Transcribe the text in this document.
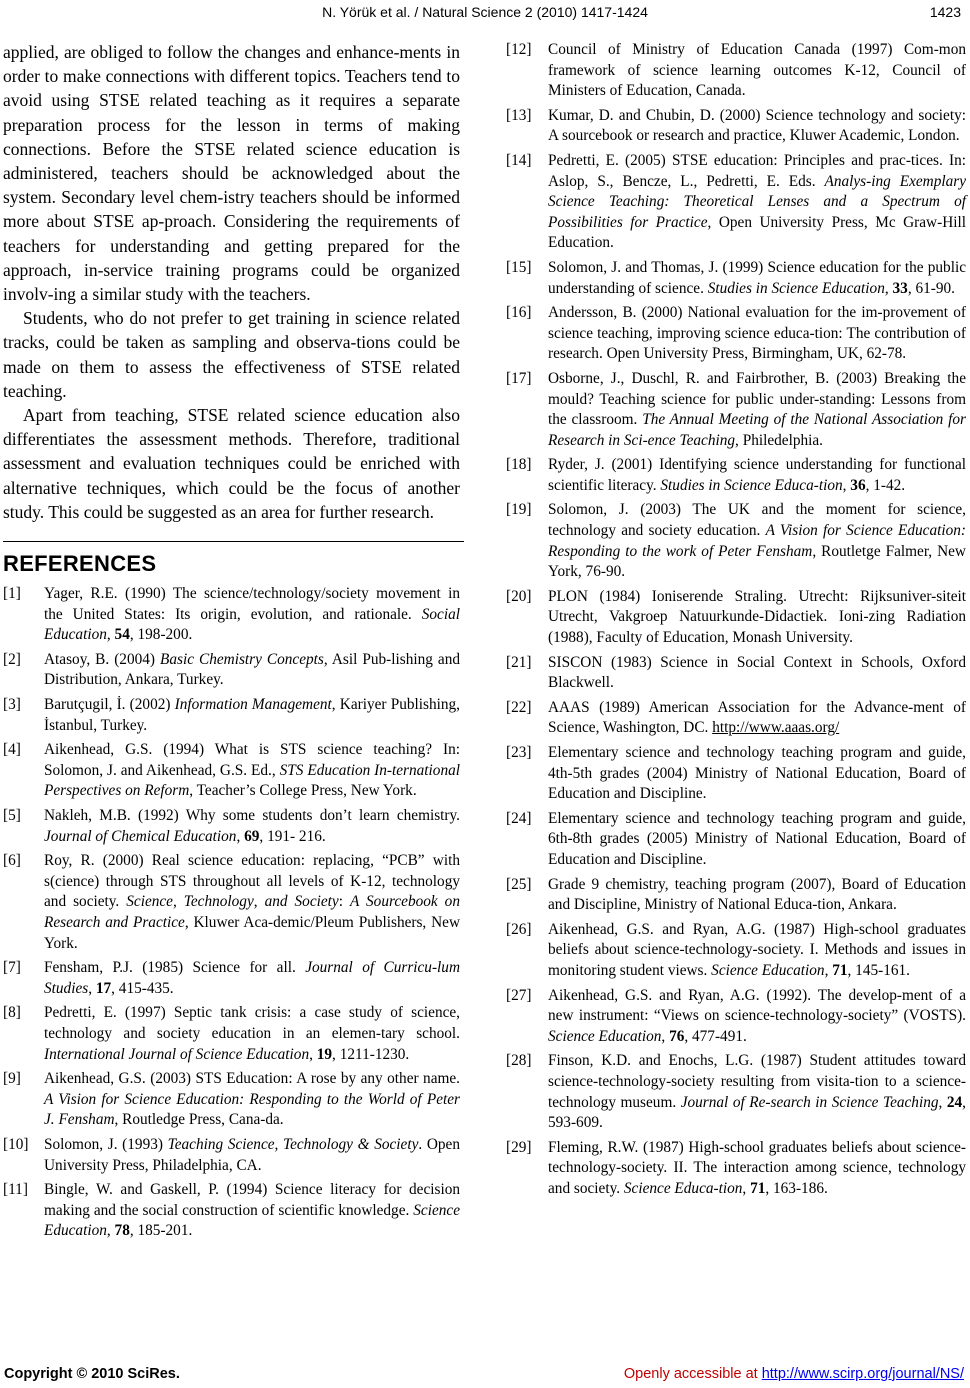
N. Yörük et al. / Natural Science 2 (2010) 1417-1424	1423

applied, are obliged to follow the changes and enhance-ments in order to make connections with different topics. Teachers tend to avoid using STSE related teaching as it requires a separate preparation process for the lesson in terms of making connections. Before the STSE related science education is administered, teachers should be acknowledged about the system. Secondary level chem-istry teachers should be informed more about STSE ap-proach. Considering the requirements of teachers for understanding and getting prepared for the approach, in-service training programs could be organized involv-ing a similar study with the teachers.

Students, who do not prefer to get training in science related tracks, could be taken as sampling and observa-tions could be made on them to assess the effectiveness of STSE related teaching.

Apart from teaching, STSE related science education also differentiates the assessment methods. Therefore, traditional assessment and evaluation techniques could be enriched with alternative techniques, which could be the focus of another study. This could be suggested as an area for further research.

REFERENCES
[1] Yager, R.E. (1990) The science/technology/society movement in the United States: Its origin, evolution, and rationale. Social Education, 54, 198-200.
[2] Atasoy, B. (2004) Basic Chemistry Concepts, Asil Pub-lishing and Distribution, Ankara, Turkey.
[3] Barutçugil, İ. (2002) Information Management, Kariyer Publishing, İstanbul, Turkey.
[4] Aikenhead, G.S. (1994) What is STS science teaching? In: Solomon, J. and Aikenhead, G.S. Ed., STS Education In-ternational Perspectives on Reform, Teacher’s College Press, New York.
[5] Nakleh, M.B. (1992) Why some students don’t learn chemistry. Journal of Chemical Education, 69, 191- 216.
[6] Roy, R. (2000) Real science education: replacing, “PCB” with s(cience) through STS throughout all levels of K-12, technology and society. Science, Technology, and Society: A Sourcebook on Research and Practice, Kluwer Aca-demic/Pleum Publishers, New York.
[7] Fensham, P.J. (1985) Science for all. Journal of Curricu-lum Studies, 17, 415-435.
[8] Pedretti, E. (1997) Septic tank crisis: a case study of science, technology and society education in an elemen-tary school. International Journal of Science Education, 19, 1211-1230.
[9] Aikenhead, G.S. (2003) STS Education: A rose by any other name. A Vision for Science Education: Responding to the World of Peter J. Fensham, Routledge Press, Cana-da.
[10] Solomon, J. (1993) Teaching Science, Technology & Society. Open University Press, Philadelphia, CA.
[11] Bingle, W. and Gaskell, P. (1994) Science literacy for decision making and the social construction of scientific knowledge. Science Education, 78, 185-201.
[12] Council of Ministry of Education Canada (1997) Com-mon framework of science learning outcomes K-12, Council of Ministers of Education, Canada.
[13] Kumar, D. and Chubin, D. (2000) Science technology and society: A sourcebook or research and practice, Kluwer Academic, London.
[14] Pedretti, E. (2005) STSE education: Principles and prac-tices. In: Aslop, S., Bencze, L., Pedretti, E. Eds. Analys-ing Exemplary Science Teaching: Theoretical Lenses and a Spectrum of Possibilities for Practice, Open University Press, Mc Graw-Hill Education.
[15] Solomon, J. and Thomas, J. (1999) Science education for the public understanding of science. Studies in Science Education, 33, 61-90.
[16] Andersson, B. (2000) National evaluation for the im-provement of science teaching, improving science educa-tion: The contribution of research. Open University Press, Birmingham, UK, 62-78.
[17] Osborne, J., Duschl, R. and Fairbrother, B. (2003) Breaking the mould? Teaching science for public under-standing: Lessons from the classroom. The Annual Meeting of the National Association for Research in Sci-ence Teaching, Philedelphia.
[18] Ryder, J. (2001) Identifying science understanding for functional scientific literacy. Studies in Science Educa-tion, 36, 1-42.
[19] Solomon, J. (2003) The UK and the moment for science, technology and society education. A Vision for Science Education: Responding to the work of Peter Fensham, Routletge Falmer, New York, 76-90.
[20] PLON (1984) Ioniserende Straling. Utrecht: Rijksuniver-siteit Utrecht, Vakgroep Natuurkunde-Didactiek. Ioni-zing Radiation (1988), Faculty of Education, Monash University.
[21] SISCON (1983) Science in Social Context in Schools, Oxford Blackwell.
[22] AAAS (1989) American Association for the Advance-ment of Science, Washington, DC. http://www.aaas.org/
[23] Elementary science and technology teaching program and guide, 4th-5th grades (2004) Ministry of National Education, Board of Education and Discipline.
[24] Elementary science and technology teaching program and guide, 6th-8th grades (2005) Ministry of National Education, Board of Education and Discipline.
[25] Grade 9 chemistry, teaching program (2007), Board of Education and Discipline, Ministry of National Educa-tion, Ankara.
[26] Aikenhead, G.S. and Ryan, A.G. (1987) High-school graduates beliefs about science-technology-society. I. Methods and issues in monitoring student views. Science Education, 71, 145-161.
[27] Aikenhead, G.S. and Ryan, A.G. (1992). The develop-ment of a new instrument: “Views on science-technology-society” (VOSTS). Science Education, 76, 477-491.
[28] Finson, K.D. and Enochs, L.G. (1987) Student attitudes toward science-technology-society resulting from visita-tion to a science-technology museum. Journal of Re-search in Science Teaching, 24, 593-609.
[29] Fleming, R.W. (1987) High-school graduates beliefs about science-technology-society. II. The interaction among science, technology and society. Science Educa-tion, 71, 163-186.
Copyright © 2010 SciRes.	Openly accessible at http://www.scirp.org/journal/NS/
